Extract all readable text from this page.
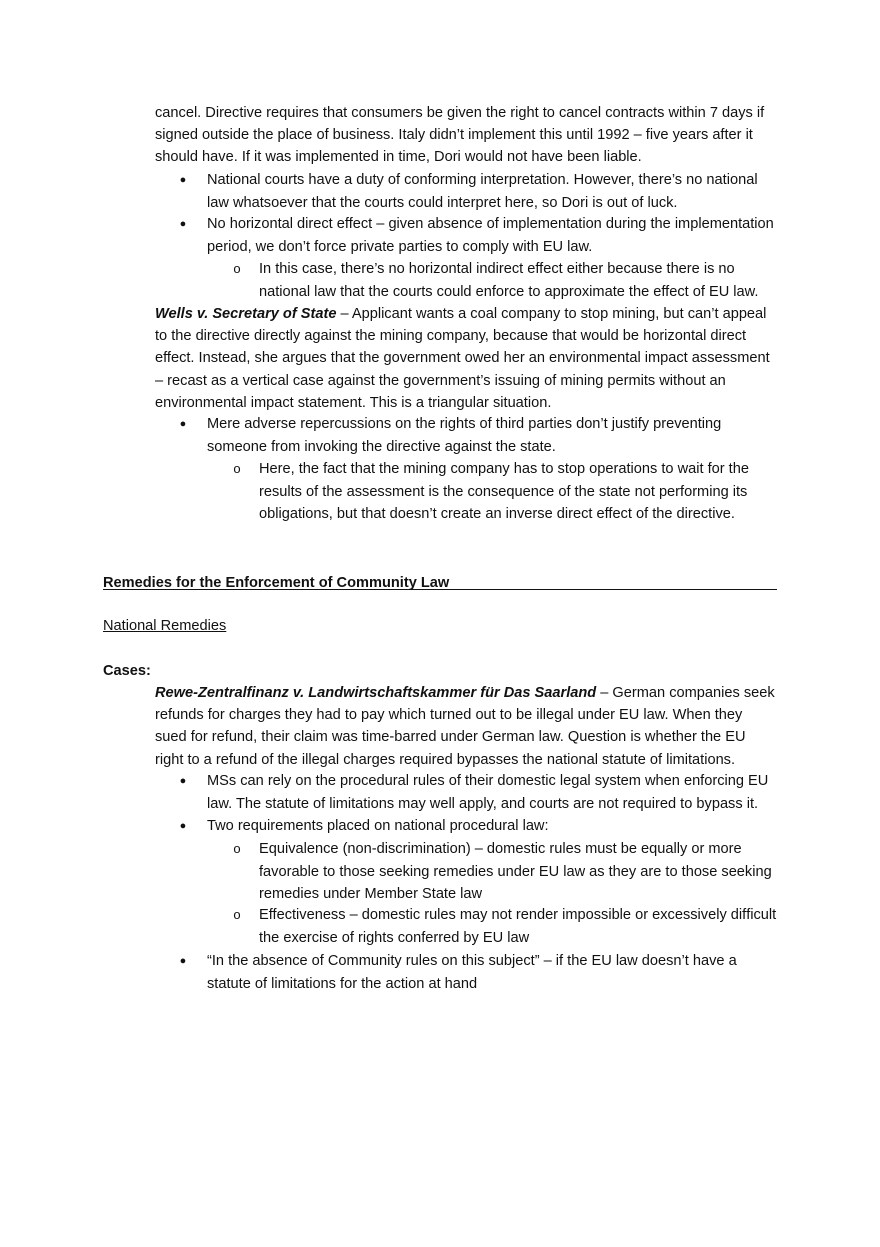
cancel. Directive requires that consumers be given the right to cancel contracts within 7 days if signed outside the place of business. Italy didn’t implement this until 1992 – five years after it should have. If it was implemented in time, Dori would not have been liable.

● National courts have a duty of conforming interpretation. However, there’s no national law whatsoever that the courts could interpret here, so Dori is out of luck.

● No horizontal direct effect – given absence of implementation during the implementation period, we don’t force private parties to comply with EU law.

o In this case, there’s no horizontal indirect effect either because there is no national law that the courts could enforce to approximate the effect of EU law.

Wells v. Secretary of State – Applicant wants a coal company to stop mining, but can’t appeal to the directive directly against the mining company, because that would be horizontal direct effect. Instead, she argues that the government owed her an environmental impact assessment – recast as a vertical case against the government’s issuing of mining permits without an environmental impact statement. This is a triangular situation.

● Mere adverse repercussions on the rights of third parties don’t justify preventing someone from invoking the directive against the state.

o Here, the fact that the mining company has to stop operations to wait for the results of the assessment is the consequence of the state not performing its obligations, but that doesn’t create an inverse direct effect of the directive.

Remedies for the Enforcement of Community Law
National Remedies
Cases:

Rewe-Zentralfinanz v. Landwirtschaftskammer für Das Saarland – German companies seek refunds for charges they had to pay which turned out to be illegal under EU law. When they sued for refund, their claim was time-barred under German law. Question is whether the EU right to a refund of the illegal charges required bypasses the national statute of limitations.

● MSs can rely on the procedural rules of their domestic legal system when enforcing EU law. The statute of limitations may well apply, and courts are not required to bypass it.

● Two requirements placed on national procedural law:

o Equivalence (non-discrimination) – domestic rules must be equally or more favorable to those seeking remedies under EU law as they are to those seeking remedies under Member State law

o Effectiveness – domestic rules may not render impossible or excessively difﬁcult the exercise of rights conferred by EU law

● “In the absence of Community rules on this subject” – if the EU law doesn’t have a statute of limitations for the action at hand
